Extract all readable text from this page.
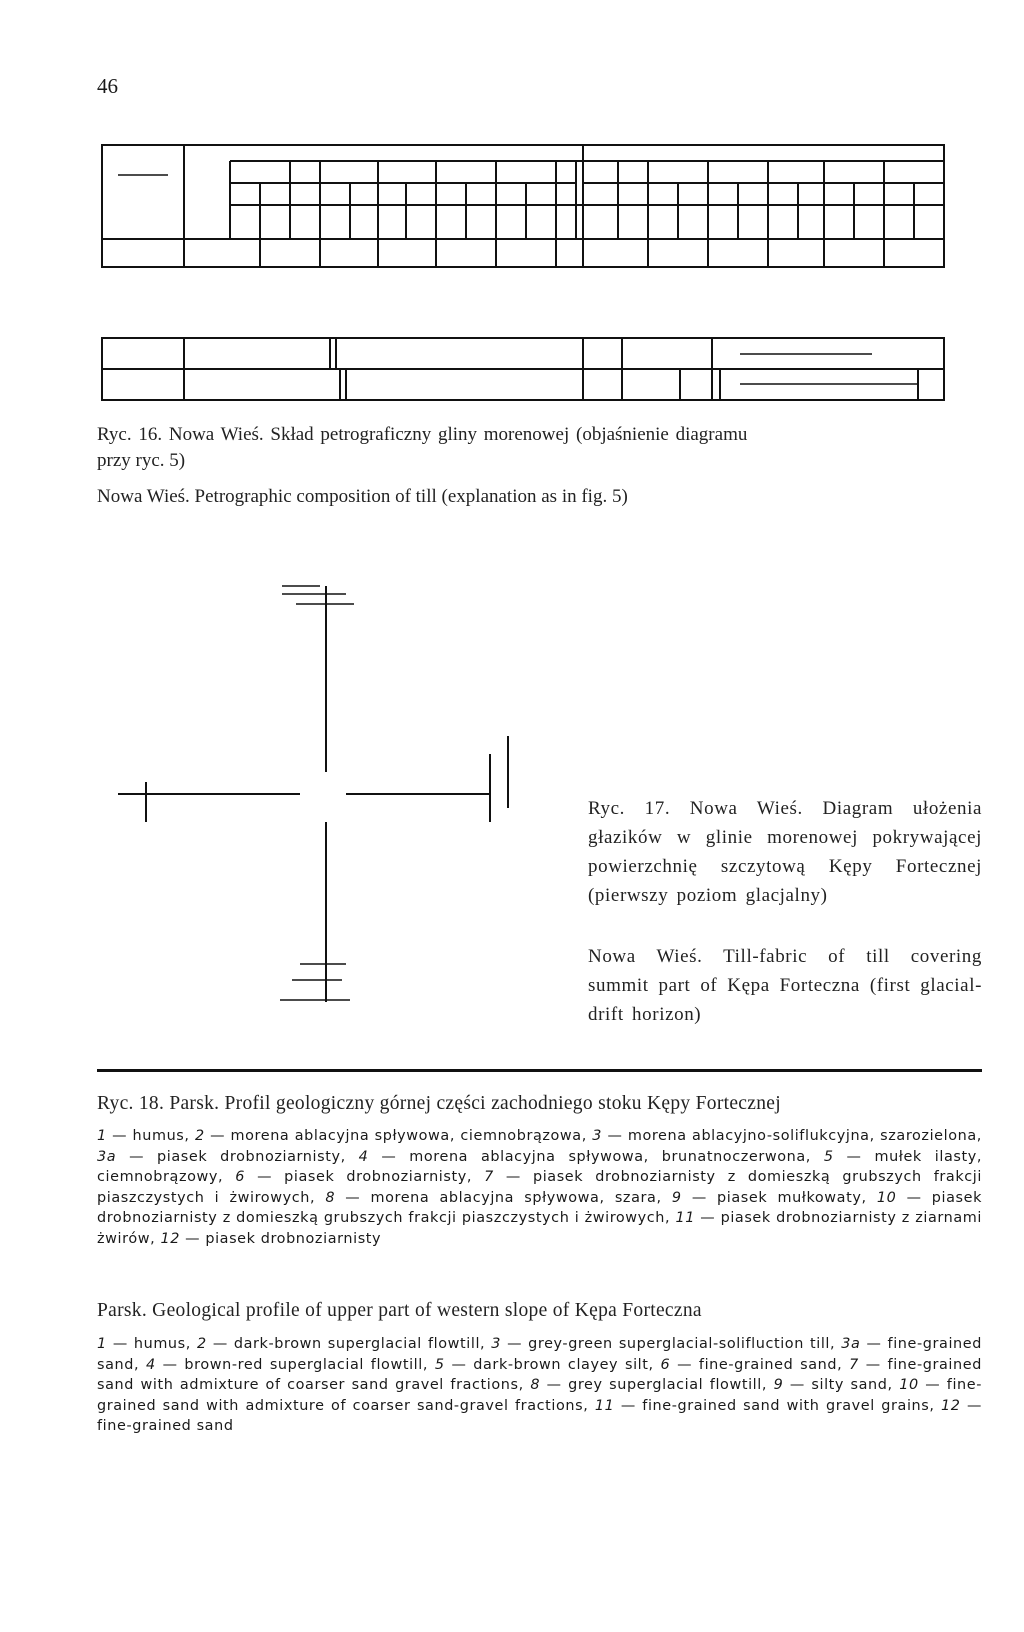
46
Ryc. 16. Nowa Wieś. Skład petrograficzny gliny morenowej (objaśnienie diagramu
przy ryc. 5)
Nowa Wieś. Petrographic composition of till (explanation as in fig. 5)
Ryc. 17. Nowa Wieś. Diagram ułożenia głazików w glinie morenowej pokrywającej powierzchnię szczytową Kępy Fortecznej (pierwszy poziom glacjalny)
Nowa Wieś. Till-fabric of till covering summit part of Kępa Forteczna (first glacial-drift horizon)
Ryc. 18. Parsk. Profil geologiczny górnej części zachodniego stoku Kępy Fortecznej
1 — humus, 2 — morena ablacyjna spływowa, ciemnobrązowa, 3 — morena ablacyjno-soliflukcyjna, szarozielona, 3a — piasek drobnoziarnisty, 4 — morena ablacyjna spływowa, brunatnoczerwona, 5 — mułek ilasty, ciemnobrązowy, 6 — piasek drobnoziarnisty, 7 — piasek drobnoziarnisty z domieszką grubszych frakcji piaszczystych i żwirowych, 8 — morena ablacyjna spływowa, szara, 9 — piasek mułkowaty, 10 — piasek drobnoziarnisty z domieszką grubszych frakcji piaszczystych i żwirowych, 11 — piasek drobnoziarnisty z ziarnami żwirów, 12 — piasek drobnoziarnisty
Parsk. Geological profile of upper part of western slope of Kępa Forteczna
1 — humus, 2 — dark-brown superglacial flowtill, 3 — grey-green superglacial-solifluction till, 3a — fine-grained sand, 4 — brown-red superglacial flowtill, 5 — dark-brown clayey silt, 6 — fine-grained sand, 7 — fine-grained sand with admixture of coarser sand gravel fractions, 8 — grey superglacial flowtill, 9 — silty sand, 10 — fine-grained sand with admixture of coarser sand-gravel fractions, 11 — fine-grained sand with gravel grains, 12 — fine-grained sand
